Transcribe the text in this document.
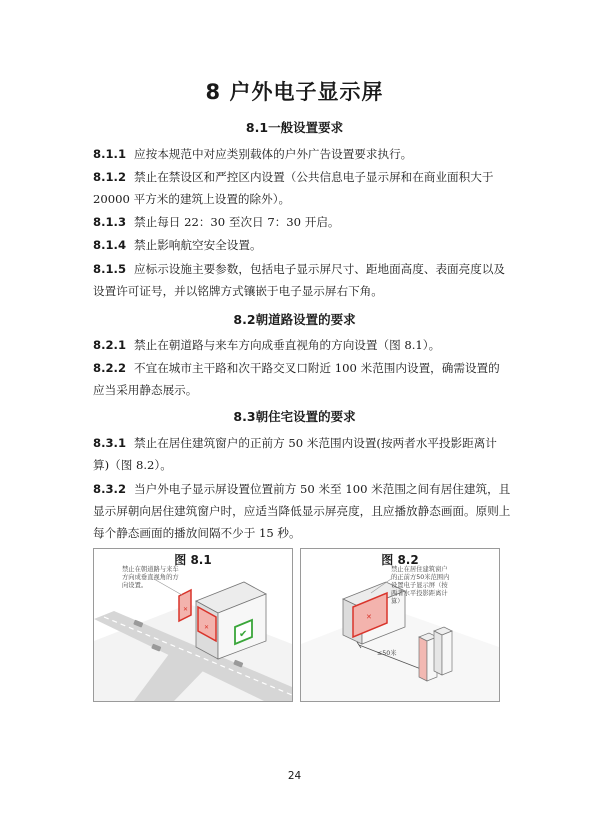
8 户外电子显示屏
8.1一般设置要求
8.1.1 应按本规范中对应类别载体的户外广告设置要求执行。
8.1.2 禁止在禁设区和严控区内设置（公共信息电子显示屏和在商业面积大于20000 平方米的建筑上设置的除外）。
8.1.3 禁止每日 22：30 至次日 7：30 开启。
8.1.4 禁止影响航空安全设置。
8.1.5 应标示设施主要参数，包括电子显示屏尺寸、距地面高度、表面亮度以及设置许可证号，并以铭牌方式镶嵌于电子显示屏右下角。
8.2朝道路设置的要求
8.2.1 禁止在朝道路与来车方向成垂直视角的方向设置（图 8.1）。
8.2.2 不宜在城市主干路和次干路交叉口附近 100 米范围内设置，确需设置的应当采用静态展示。
8.3朝住宅设置的要求
8.3.1 禁止在居住建筑窗户的正前方 50 米范围内设置(按两者水平投影距离计算)（图 8.2）。
8.3.2 当户外电子显示屏设置位置前方 50 米至 100 米范围之间有居住建筑，且显示屏朝向居住建筑窗户时，应适当降低显示屏亮度，且应播放静态画面。原则上每个静态画面的播放间隔不少于 15 秒。
✕
✕
✔
图 8.1
禁止在朝道路与来车方向成垂直视角的方向设置。
✕
图 8.2
禁止在居住建筑窗户的正前方50米范围内设置电子显示屏（按两者水平投影距离计算）
≤50米
24
